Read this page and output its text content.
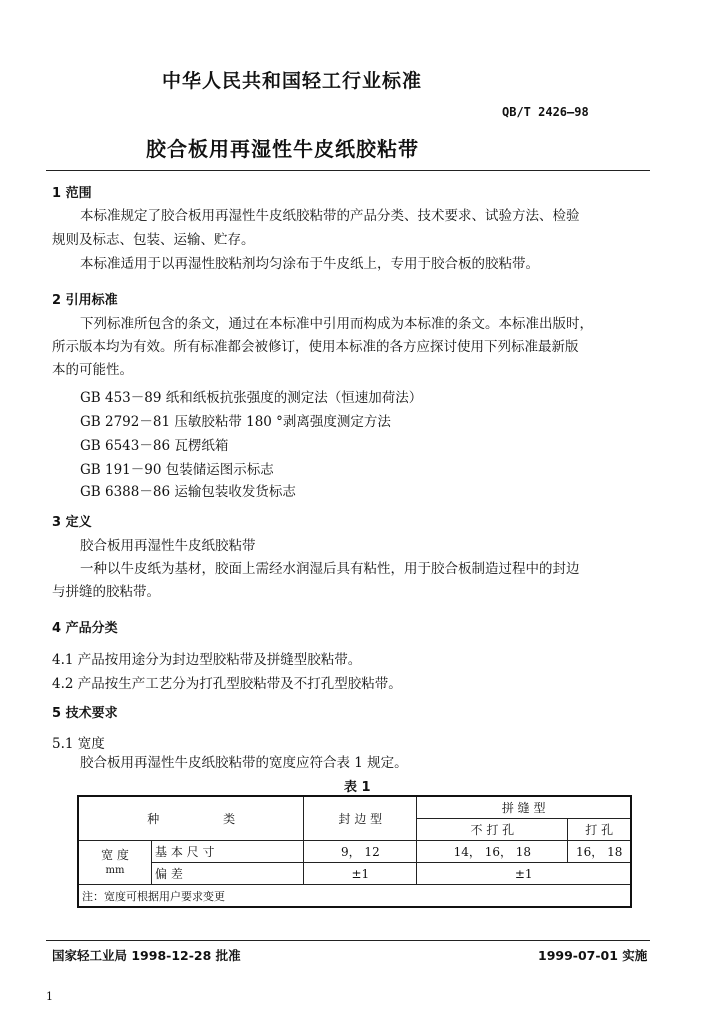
中华人民共和国轻工行业标准
QB/T 2426—98
胶合板用再湿性牛皮纸胶粘带
1 范围
本标准规定了胶合板用再湿性牛皮纸胶粘带的产品分类、技术要求、试验方法、检验
规则及标志、包装、运输、贮存。
本标准适用于以再湿性胶粘剂均匀涂布于牛皮纸上，专用于胶合板的胶粘带。
2 引用标准
下列标准所包含的条文，通过在本标准中引用而构成为本标准的条文。本标准出版时，
所示版本均为有效。所有标准都会被修订，使用本标准的各方应探讨使用下列标准最新版
本的可能性。
GB 453－89 纸和纸板抗张强度的测定法（恒速加荷法）
GB 2792－81 压敏胶粘带 180 °剥离强度测定方法
GB 6543－86 瓦楞纸箱
GB 191－90 包装储运图示标志
GB 6388－86 运输包装收发货标志
3 定义
胶合板用再湿性牛皮纸胶粘带
一种以牛皮纸为基材，胶面上需经水润湿后具有粘性，用于胶合板制造过程中的封边
与拼缝的胶粘带。
4 产品分类
4.1 产品按用途分为封边型胶粘带及拼缝型胶粘带。
4.2 产品按生产工艺分为打孔型胶粘带及不打孔型胶粘带。
5 技术要求
5.1 宽度
胶合板用再湿性牛皮纸胶粘带的宽度应符合表 1 规定。
表 1
种 类		封 边 型	拼 缝 型	
			不 打 孔	打 孔

宽 度
mm	基 本 尺 寸	9， 12	14， 16， 18	16， 18
	偏 差	±1	±1	
注：宽度可根据用户要求变更				
国家轻工业局 1998-12-28 批准	1999-07-01 实施
1
